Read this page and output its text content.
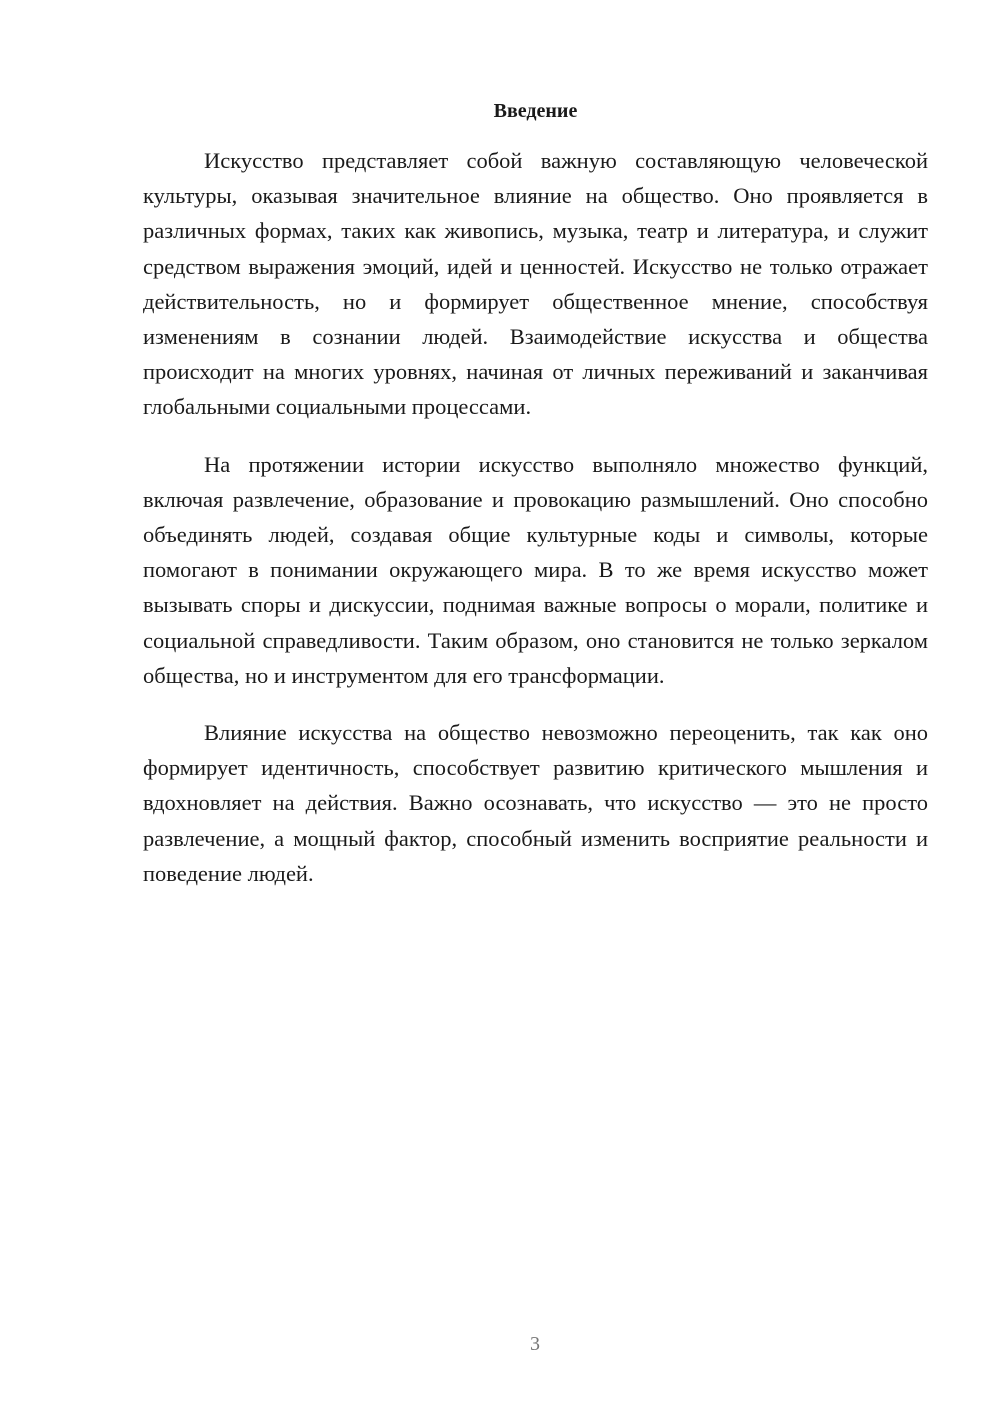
Введение

Искусство представляет собой важную составляющую человеческой культуры, оказывая значительное влияние на общество. Оно проявляется в различных формах, таких как живопись, музыка, театр и литература, и служит средством выражения эмоций, идей и ценностей. Искусство не только отражает действительность, но и формирует общественное мнение, способствуя изменениям в сознании людей. Взаимодействие искусства и общества происходит на многих уровнях, начиная от личных переживаний и заканчивая глобальными социальными процессами.

На протяжении истории искусство выполняло множество функций, включая развлечение, образование и провокацию размышлений. Оно способно объединять людей, создавая общие культурные коды и символы, которые помогают в понимании окружающего мира. В то же время искусство может вызывать споры и дискуссии, поднимая важные вопросы о морали, политике и социальной справедливости. Таким образом, оно становится не только зеркалом общества, но и инструментом для его трансформации.

Влияние искусства на общество невозможно переоценить, так как оно формирует идентичность, способствует развитию критического мышления и вдохновляет на действия. Важно осознавать, что искусство — это не просто развлечение, а мощный фактор, способный изменить восприятие реальности и поведение людей.

3
